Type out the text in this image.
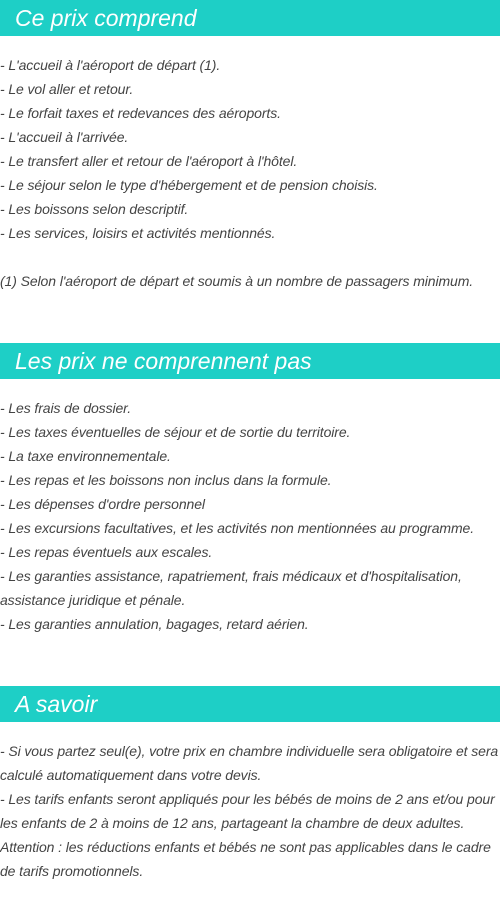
Ce prix comprend

- L'accueil à l'aéroport de départ (1).

- Le vol aller et retour.

- Le forfait taxes et redevances des aéroports.

- L'accueil à l'arrivée.

- Le transfert aller et retour de l'aéroport à l'hôtel.

- Le séjour selon le type d'hébergement et de pension choisis.

- Les boissons selon descriptif.

- Les services, loisirs et activités mentionnés.

(1) Selon l'aéroport de départ et soumis à un nombre de passagers minimum.

Les prix ne comprennent pas

- Les frais de dossier.

- Les taxes éventuelles de séjour et de sortie du territoire.

- La taxe environnementale.

- Les repas et les boissons non inclus dans la formule.

- Les dépenses d'ordre personnel

- Les excursions facultatives, et les activités non mentionnées au programme.

- Les repas éventuels aux escales.

- Les garanties assistance, rapatriement, frais médicaux et d'hospitalisation, assistance juridique et pénale.

- Les garanties annulation, bagages, retard aérien.

A savoir

- Si vous partez seul(e), votre prix en chambre individuelle sera obligatoire et sera calculé automatiquement dans votre devis.

- Les tarifs enfants seront appliqués pour les bébés de moins de 2 ans et/ou pour les enfants de 2 à moins de 12 ans, partageant la chambre de deux adultes.

Attention : les réductions enfants et bébés ne sont pas applicables dans le cadre de tarifs promotionnels.
